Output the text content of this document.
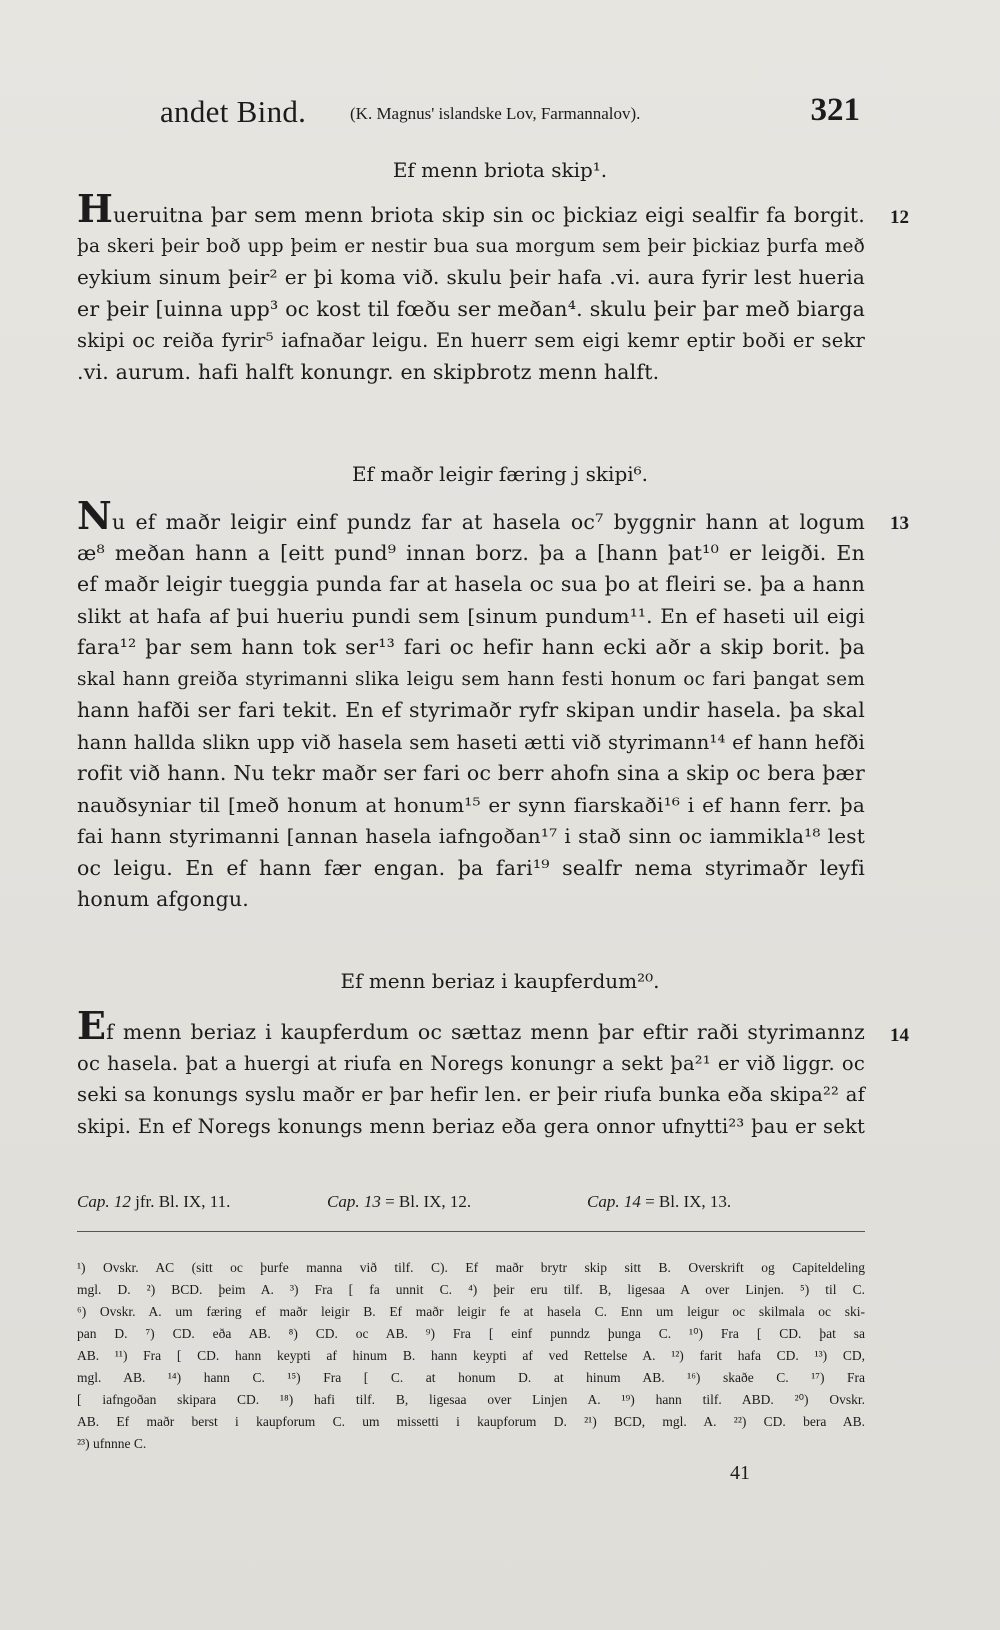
andet Bind.	(K. Magnus' islandske Lov, Farmannalov).	321
Ef menn briota skip¹.
12
Hueruitna þar sem menn briota skip sin oc þickiaz eigi sealfir fa borgit.
þa skeri þeir boð upp þeim er nestir bua sua morgum sem þeir þickiaz þurfa með
eykium sinum þeir² er þi koma við. skulu þeir hafa .vi. aura fyrir lest hueria
er þeir [uinna upp³ oc kost til fœðu ser meðan⁴. skulu þeir þar með biarga
skipi oc reiða fyrir⁵ iafnaðar leigu. En huerr sem eigi kemr eptir boði er sekr
.vi. aurum. hafi halft konungr. en skipbrotz menn halft.
Ef maðr leigir færing j skipi⁶.
13
Nu ef maðr leigir einf pundz far at hasela oc⁷ byggnir hann at logum
æ⁸ meðan hann a [eitt pund⁹ innan borz. þa a [hann þat¹⁰ er leigði. En
ef maðr leigir tueggia punda far at hasela oc sua þo at fleiri se. þa a hann
slikt at hafa af þui hueriu pundi sem [sinum pundum¹¹. En ef haseti uil eigi
fara¹² þar sem hann tok ser¹³ fari oc hefir hann ecki aðr a skip borit. þa
skal hann greiða styrimanni slika leigu sem hann festi honum oc fari þangat sem
hann hafði ser fari tekit. En ef styrimaðr ryfr skipan undir hasela. þa skal
hann hallda slikn upp við hasela sem haseti ætti við styrimann¹⁴ ef hann hefði
rofit við hann. Nu tekr maðr ser fari oc berr ahofn sina a skip oc bera þær
nauðsyniar til [með honum at honum¹⁵ er synn fiarskaði¹⁶ i ef hann ferr. þa
fai hann styrimanni [annan hasela iafngoðan¹⁷ i stað sinn oc iammikla¹⁸ lest
oc leigu. En ef hann fær engan. þa fari¹⁹ sealfr nema styrimaðr leyfi
honum afgongu.
Ef menn beriaz i kaupferdum²⁰.
14
Ef menn beriaz i kaupferdum oc sættaz menn þar eftir raði styrimannz
oc hasela. þat a huergi at riufa en Noregs konungr a sekt þa²¹ er við liggr. oc
seki sa konungs syslu maðr er þar hefir len. er þeir riufa bunka eða skipa²² af
skipi. En ef Noregs konungs menn beriaz eða gera onnor ufnytti²³ þau er sekt
Cap. 12 jfr. Bl. IX, 11.	Cap. 13 = Bl. IX, 12.	Cap. 14 = Bl. IX, 13.
¹) Ovskr. AC (sitt oc þurfe manna við tilf. C). Ef maðr brytr skip sitt B. Overskrift og Capiteldeling
mgl. D. ²) BCD. þeim A. ³) Fra [ fa unnit C. ⁴) þeir eru tilf. B, ligesaa A over Linjen. ⁵) til C.
⁶) Ovskr. A. um færing ef maðr leigir B. Ef maðr leigir fe at hasela C. Enn um leigur oc skilmala oc ski-
pan D. ⁷) CD. eða AB. ⁸) CD. oc AB. ⁹) Fra [ einf punndz þunga C. ¹⁰) Fra [ CD. þat sa
AB. ¹¹) Fra [ CD. hann keypti af hinum B. hann keypti af ved Rettelse A. ¹²) farit hafa CD. ¹³) CD,
mgl. AB. ¹⁴) hann C. ¹⁵) Fra [ C. at honum D. at hinum AB. ¹⁶) skaðe C. ¹⁷) Fra
[ iafngoðan skipara CD. ¹⁸) hafi tilf. B, ligesaa over Linjen A. ¹⁹) hann tilf. ABD. ²⁰) Ovskr.
AB. Ef maðr berst i kaupforum C. um missetti i kaupforum D. ²¹) BCD, mgl. A. ²²) CD. bera AB.
²³) ufnnne C.
41
